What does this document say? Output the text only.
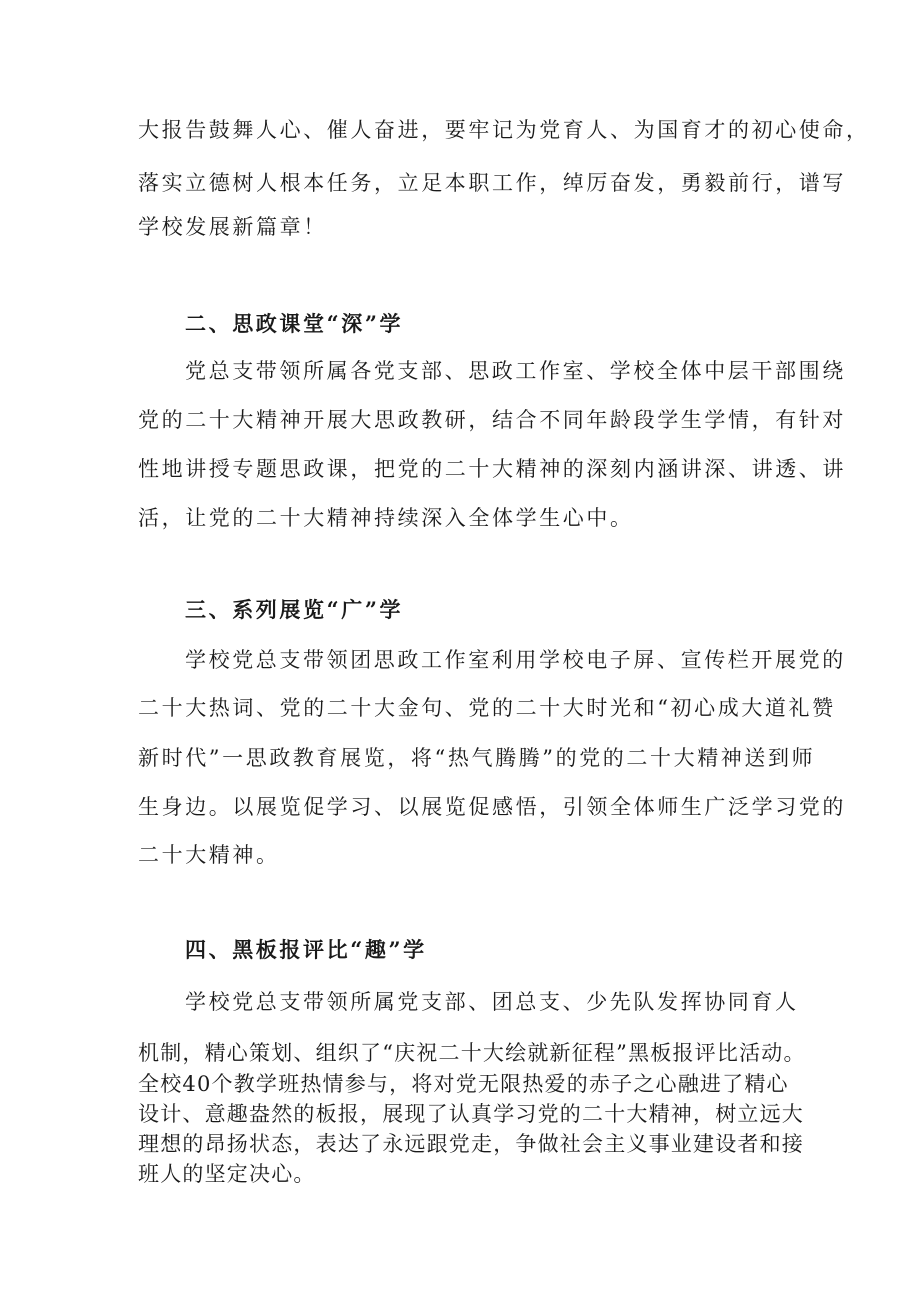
大报告鼓舞人心、催人奋进，要牢记为党育人、为国育才的初心使命，
落实立德树人根本任务，立足本职工作，绰厉奋发，勇毅前行，谱写
学校发展新篇章！
二、思政课堂“深”学
党总支带领所属各党支部、思政工作室、学校全体中层干部围绕
党的二十大精神开展大思政教研，结合不同年龄段学生学情，有针对
性地讲授专题思政课，把党的二十大精神的深刻内涵讲深、讲透、讲
活，让党的二十大精神持续深入全体学生心中。
三、系列展览“广”学
学校党总支带领团思政工作室利用学校电子屏、宣传栏开展党的
二十大热词、党的二十大金句、党的二十大时光和“初心成大道礼赞
新时代”一思政教育展览，将“热气腾腾”的党的二十大精神送到师
生身边。以展览促学习、以展览促感悟，引领全体师生广泛学习党的
二十大精神。
四、黑板报评比“趣”学
学校党总支带领所属党支部、团总支、少先队发挥协同育人
机制，精心策划、组织了“庆祝二十大绘就新征程”黑板报评比活动。
全校40个教学班热情参与，将对党无限热爱的赤子之心融进了精心
设计、意趣盎然的板报，展现了认真学习党的二十大精神，树立远大
理想的昂扬状态，表达了永远跟党走，争做社会主义事业建设者和接
班人的坚定决心。
